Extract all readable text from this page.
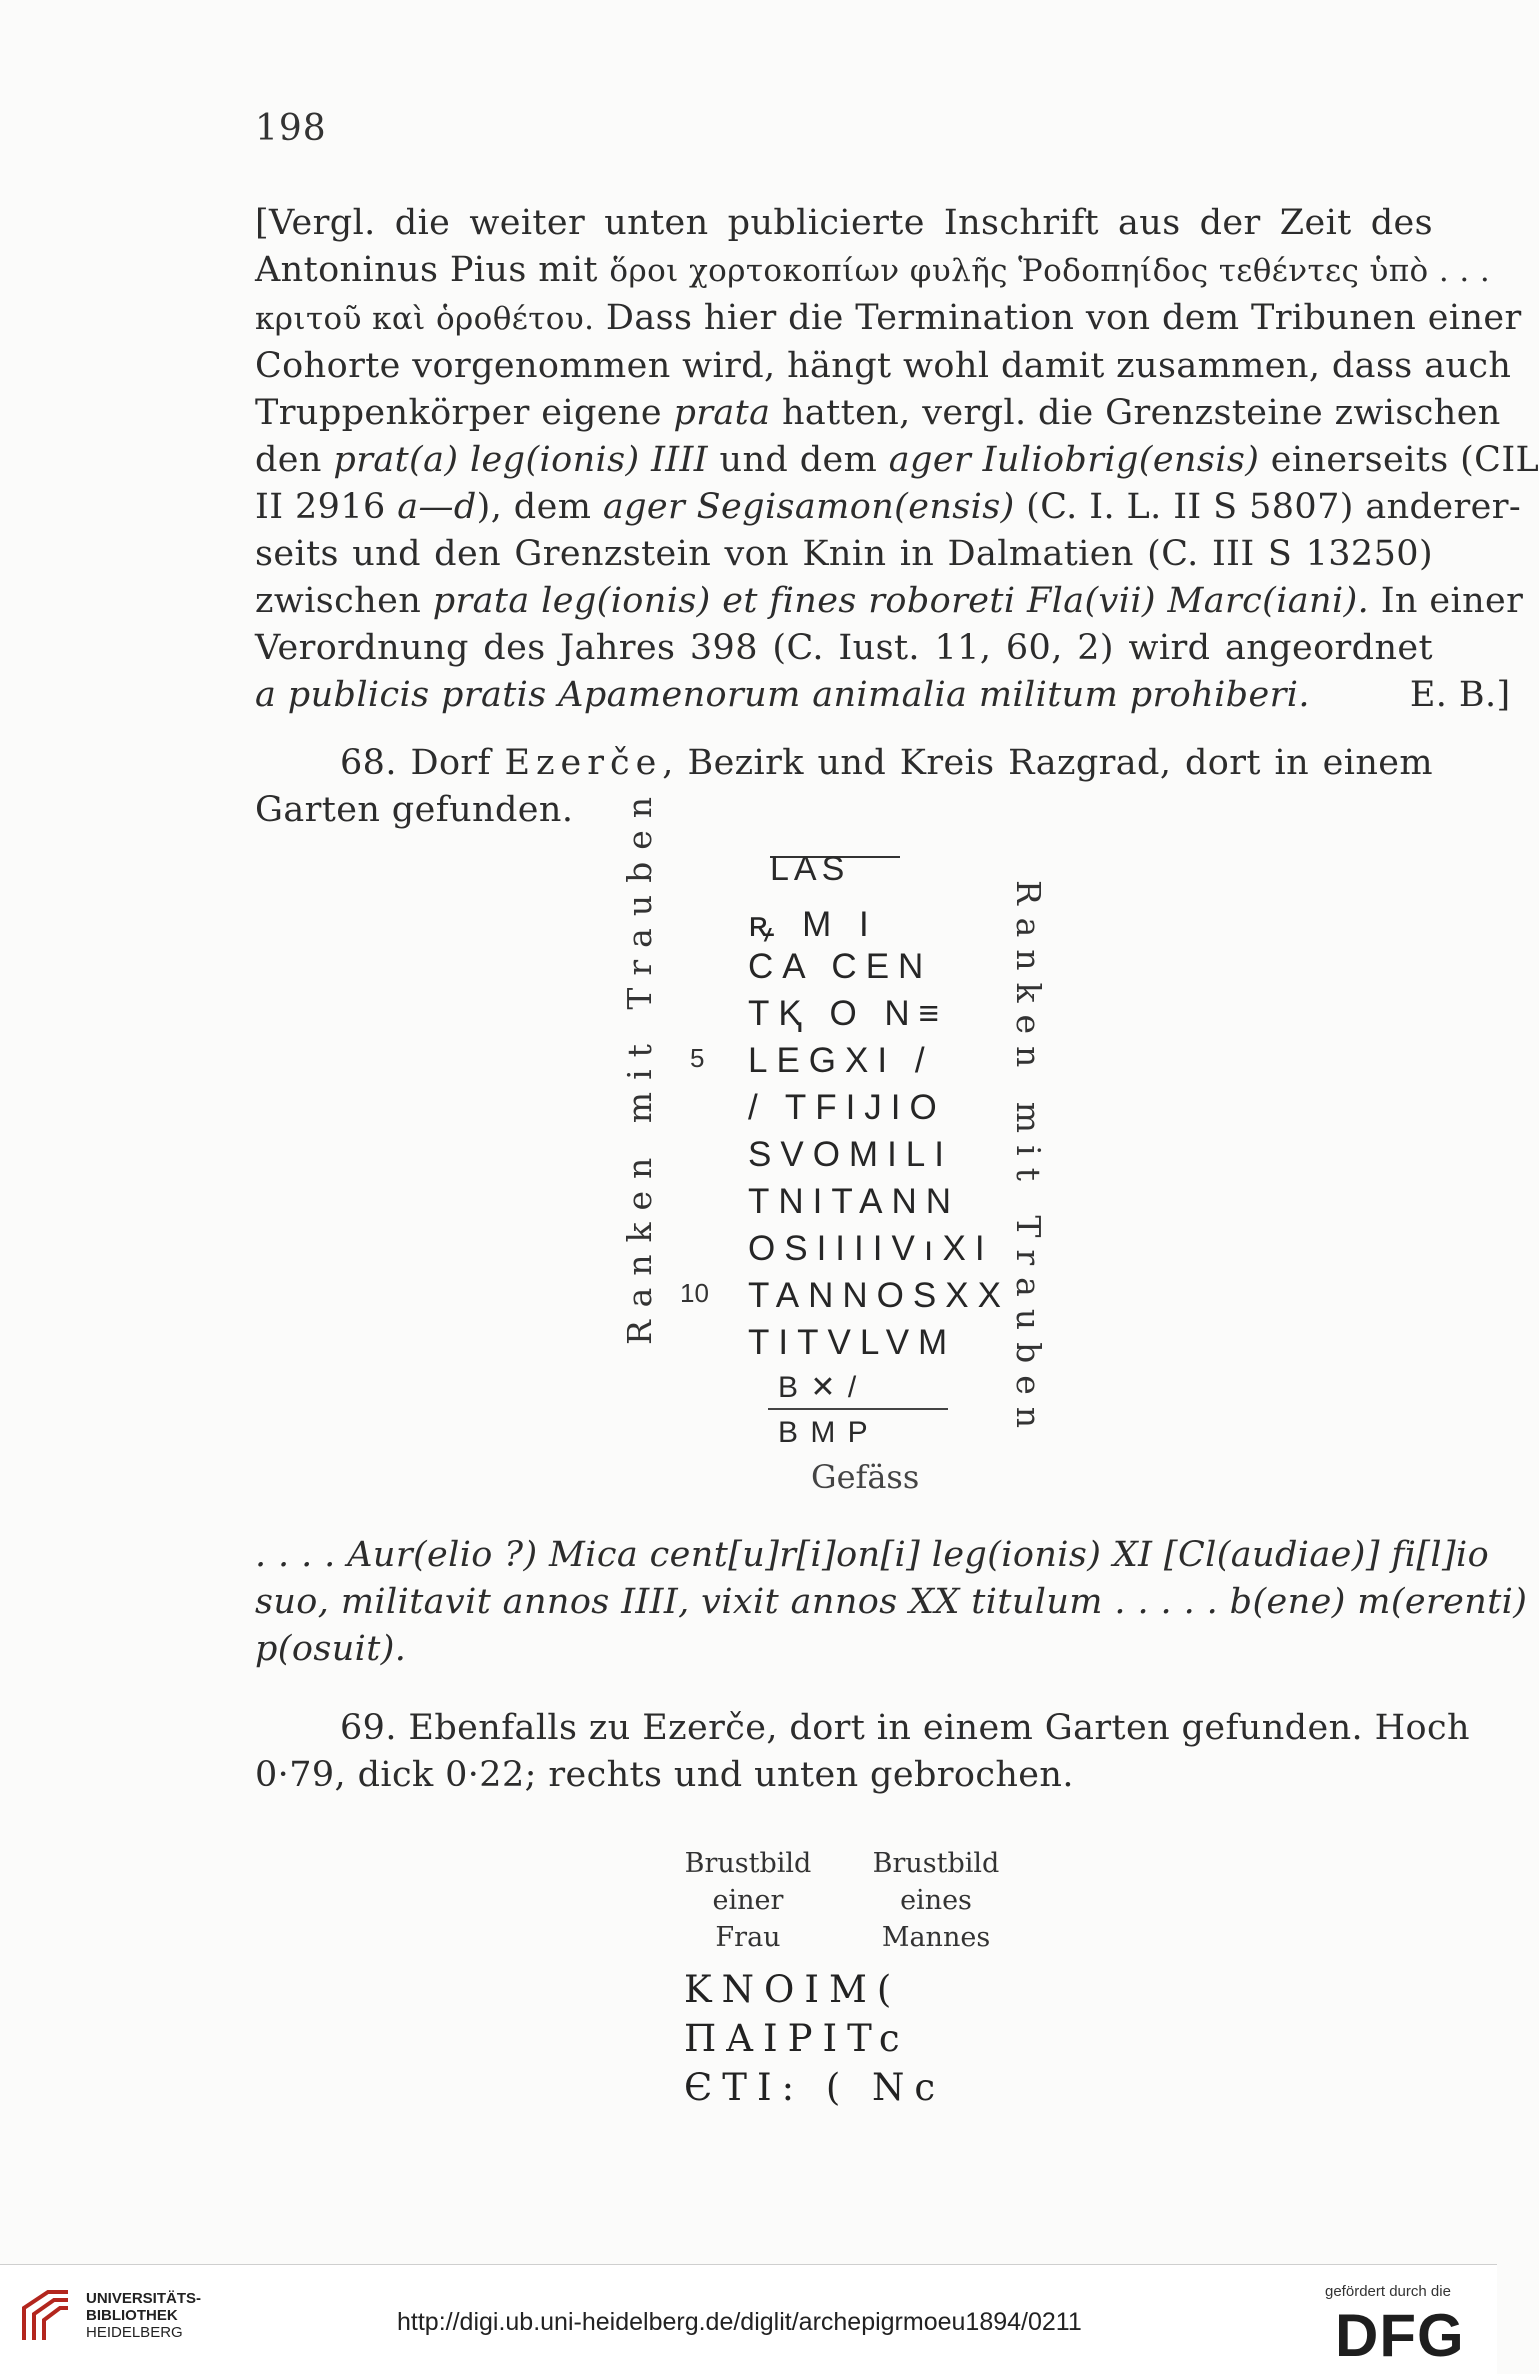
198
[Vergl. die weiter unten publicierte Inschrift aus der Zeit des
Antoninus Pius mit ὅροι χορτοκοπίων φυλῆς Ῥοδοπηίδος τεθέντες ὑπὸ . . .
κριτοῦ καὶ ὁροθέτου. Dass hier die Termination von dem Tribunen einer
Cohorte vorgenommen wird, hängt wohl damit zusammen, dass auch
Truppenkörper eigene prata hatten, vergl. die Grenzsteine zwischen
den prat(a) leg(ionis) IIII und dem ager Iuliobrig(ensis) einerseits (CIL
II 2916 a—d), dem ager Segisamon(ensis) (C. I. L. II S 5807) anderer-
seits und den Grenzstein von Knin in Dalmatien (C. III S 13250)
zwischen prata leg(ionis) et fines roboreti Fla(vii) Marc(iani). In einer
Verordnung des Jahres 398 (C. Iust. 11, 60, 2) wird angeordnet
a publicis pratis Apamenorum animalia militum prohiberi.	E. B.]
68. Dorf Ezerče, Bezirk und Kreis Razgrad, dort in einem
Garten gefunden.
LAS
Ranken mit Trauben	Ranken mit Trauben
ꝶ M I
CA CEN
TⱩ O N≡
5 LEGXI /
/ TFIJIO
SVOMILI
TNITANN
OSIIIIVıXI
10 TANNOSXX
TITVLVM
B ✕ /
B M P
Gefäss
. . . . Aur(elio ?) Mica cent[u]r[i]on[i] leg(ionis) XI [Cl(audiae)] fi[l]io
suo, militavit annos IIII, vixit annos XX titulum . . . . . b(ene) m(erenti)
p(osuit).
69. Ebenfalls zu Ezerče, dort in einem Garten gefunden. Hoch
0·79, dick 0·22; rechts und unten gebrochen.
Brustbild
einer
Frau
Brustbild
eines
Mannes
KNOIM(
ΠAIPITc
ЄTI: ( Nc
UNIVERSITÄTS-
BIBLIOTHEK
HEIDELBERG	http://digi.ub.uni-heidelberg.de/diglit/archepigrmoeu1894/0211
gefördert durch die
DFG
